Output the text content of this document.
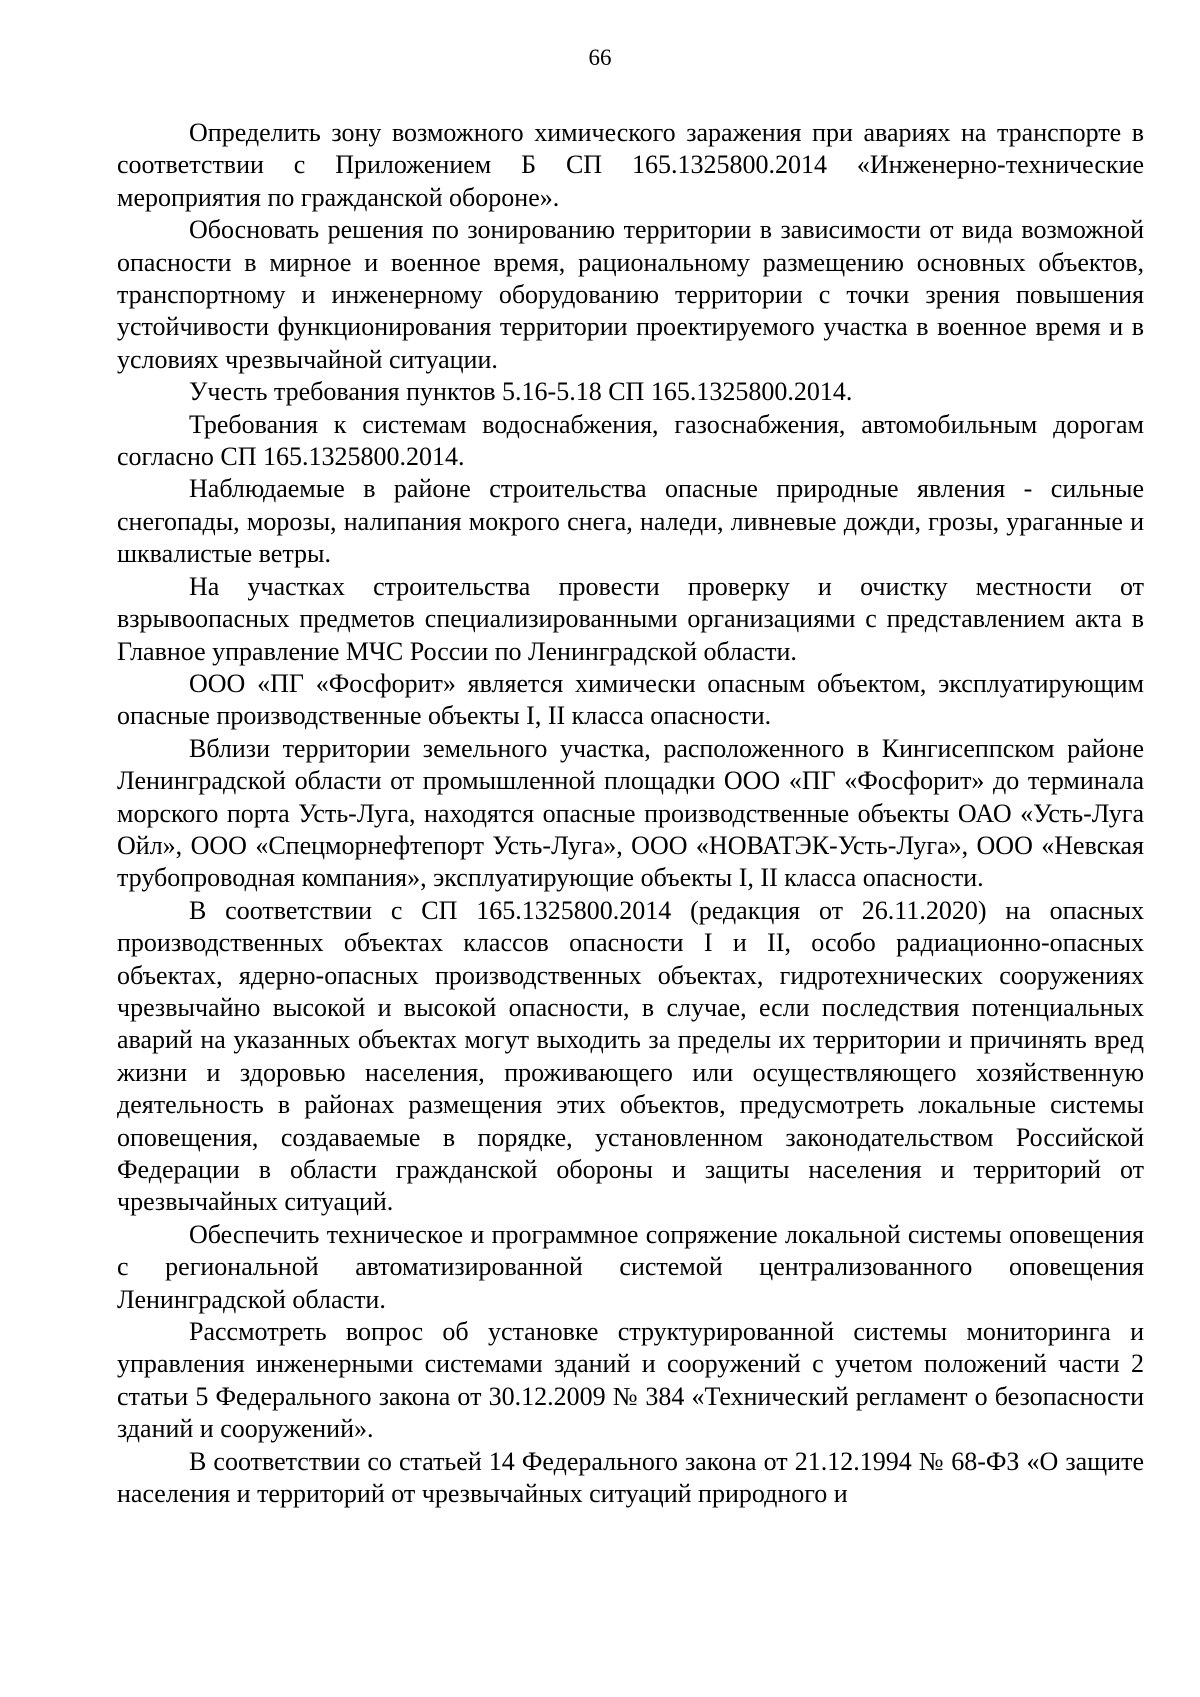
66

Определить зону возможного химического заражения при авариях на транспорте в соответствии с Приложением Б СП 165.1325800.2014 «Инженерно-технические мероприятия по гражданской обороне».

Обосновать решения по зонированию территории в зависимости от вида возможной опасности в мирное и военное время, рациональному размещению основных объектов, транспортному и инженерному оборудованию территории с точки зрения повышения устойчивости функционирования территории проектируемого участка в военное время и в условиях чрезвычайной ситуации.

Учесть требования пунктов 5.16-5.18 СП 165.1325800.2014.

Требования к системам водоснабжения, газоснабжения, автомобильным дорогам согласно СП 165.1325800.2014.

Наблюдаемые в районе строительства опасные природные явления - сильные снегопады, морозы, налипания мокрого снега, наледи, ливневые дожди, грозы, ураганные и шквалистые ветры.

На участках строительства провести проверку и очистку местности от взрывоопасных предметов специализированными организациями с представлением акта в Главное управление МЧС России по Ленинградской области.

ООО «ПГ «Фосфорит» является химически опасным объектом, эксплуатирующим опасные производственные объекты I, II класса опасности.

Вблизи территории земельного участка, расположенного в Кингисеппском районе Ленинградской области от промышленной площадки ООО «ПГ «Фосфорит» до терминала морского порта Усть-Луга, находятся опасные производственные объекты ОАО «Усть-Луга Ойл», ООО «Спецморнефтепорт Усть-Луга», ООО «НОВАТЭК-Усть-Луга», ООО «Невская трубопроводная компания», эксплуатирующие объекты I, II класса опасности.

В соответствии с СП 165.1325800.2014 (редакция от 26.11.2020) на опасных производственных объектах классов опасности I и II, особо радиационно-опасных объектах, ядерно-опасных производственных объектах, гидротехнических сооружениях чрезвычайно высокой и высокой опасности, в случае, если последствия потенциальных аварий на указанных объектах могут выходить за пределы их территории и причинять вред жизни и здоровью населения, проживающего или осуществляющего хозяйственную деятельность в районах размещения этих объектов, предусмотреть локальные системы оповещения, создаваемые в порядке, установленном законодательством Российской Федерации в области гражданской обороны и защиты населения и территорий от чрезвычайных ситуаций.

Обеспечить техническое и программное сопряжение локальной системы оповещения с региональной автоматизированной системой централизованного оповещения Ленинградской области.

Рассмотреть вопрос об установке структурированной системы мониторинга и управления инженерными системами зданий и сооружений с учетом положений части 2 статьи 5 Федерального закона от 30.12.2009 № 384 «Технический регламент о безопасности зданий и сооружений».

В соответствии со статьей 14 Федерального закона от 21.12.1994 № 68-ФЗ «О защите населения и территорий от чрезвычайных ситуаций природного и
